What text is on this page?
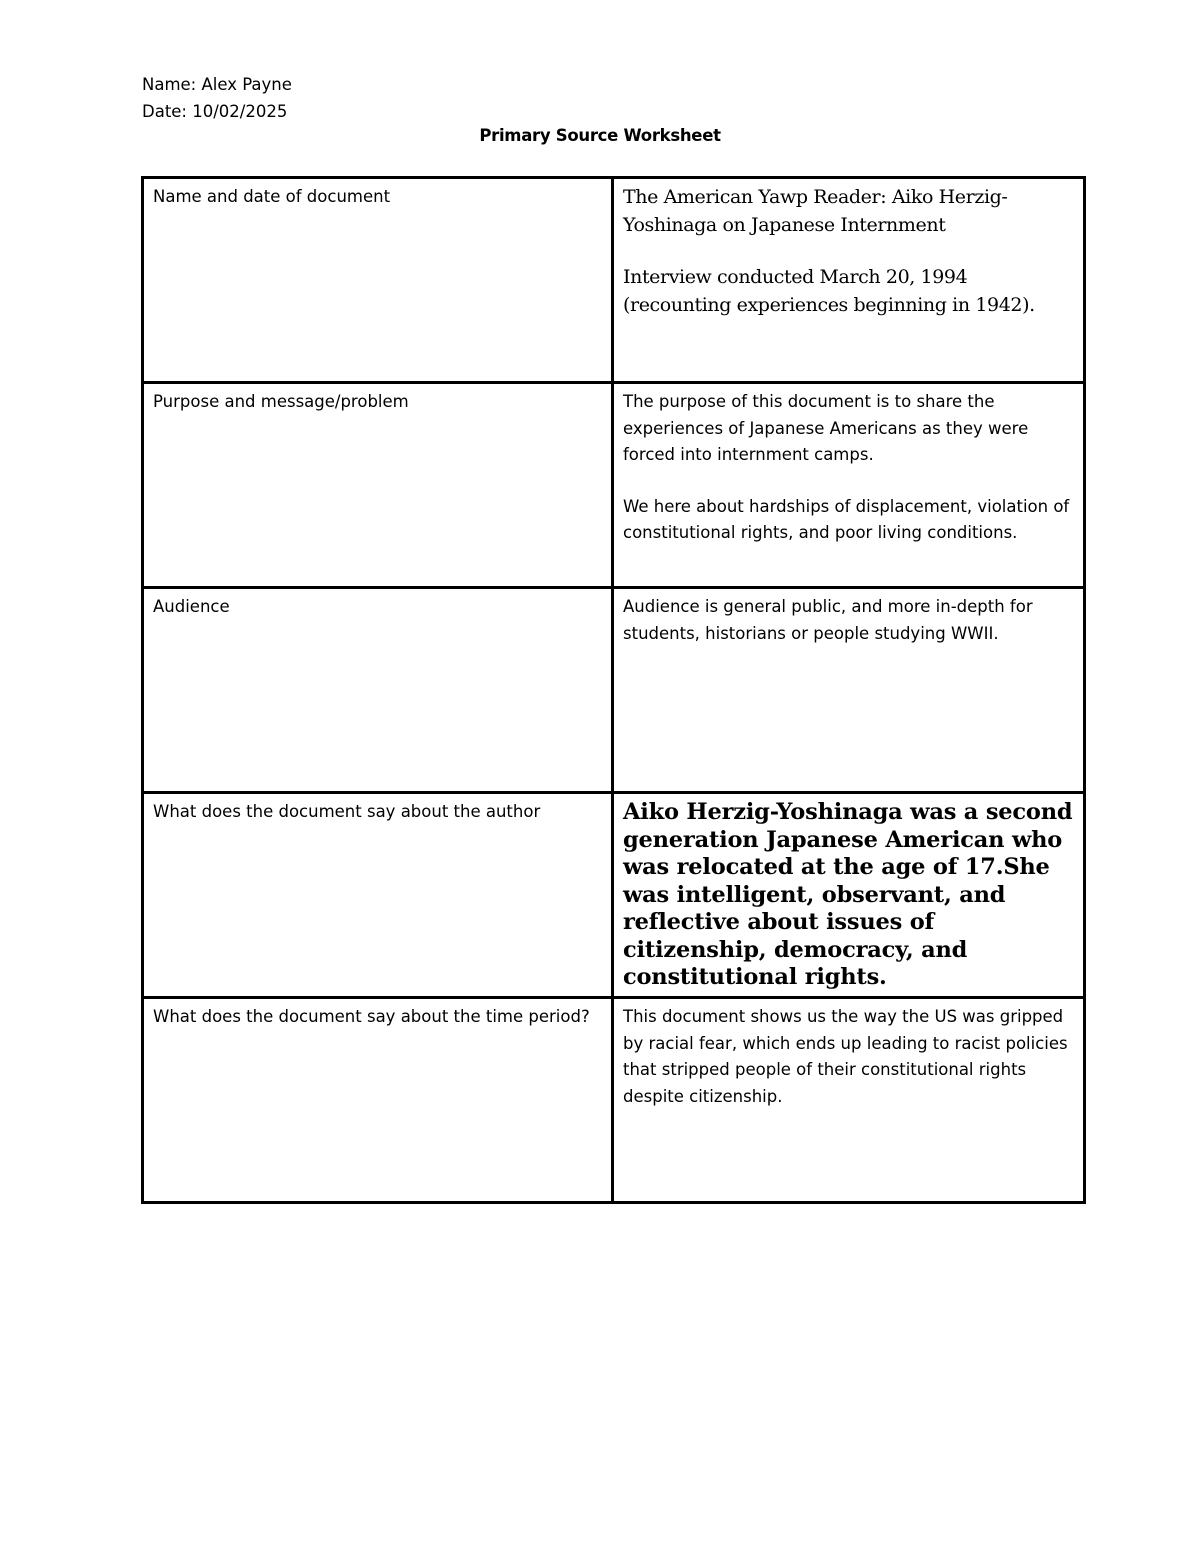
Name: Alex Payne
Date: 10/02/2025
Primary Source Worksheet
Name and date of document	The American Yawp Reader: Aiko Herzig-Yoshinaga on Japanese Internment

Interview conducted March 20, 1994 (recounting experiences beginning in 1942).

Purpose and message/problem	The purpose of this document is to share the experiences of Japanese Americans as they were forced into internment camps.

We here about hardships of displacement, violation of constitutional rights, and poor living conditions.

Audience	Audience is general public, and more in-depth for students, historians or people studying WWII.

What does the document say about the author	Aiko Herzig-Yoshinaga was a second generation Japanese American who was relocated at the age of 17.She was intelligent, observant, and reflective about issues of citizenship, democracy, and constitutional rights.

What does the document say about the time period?	This document shows us the way the US was gripped by racial fear, which ends up leading to racist policies that stripped people of their constitutional rights despite citizenship.
